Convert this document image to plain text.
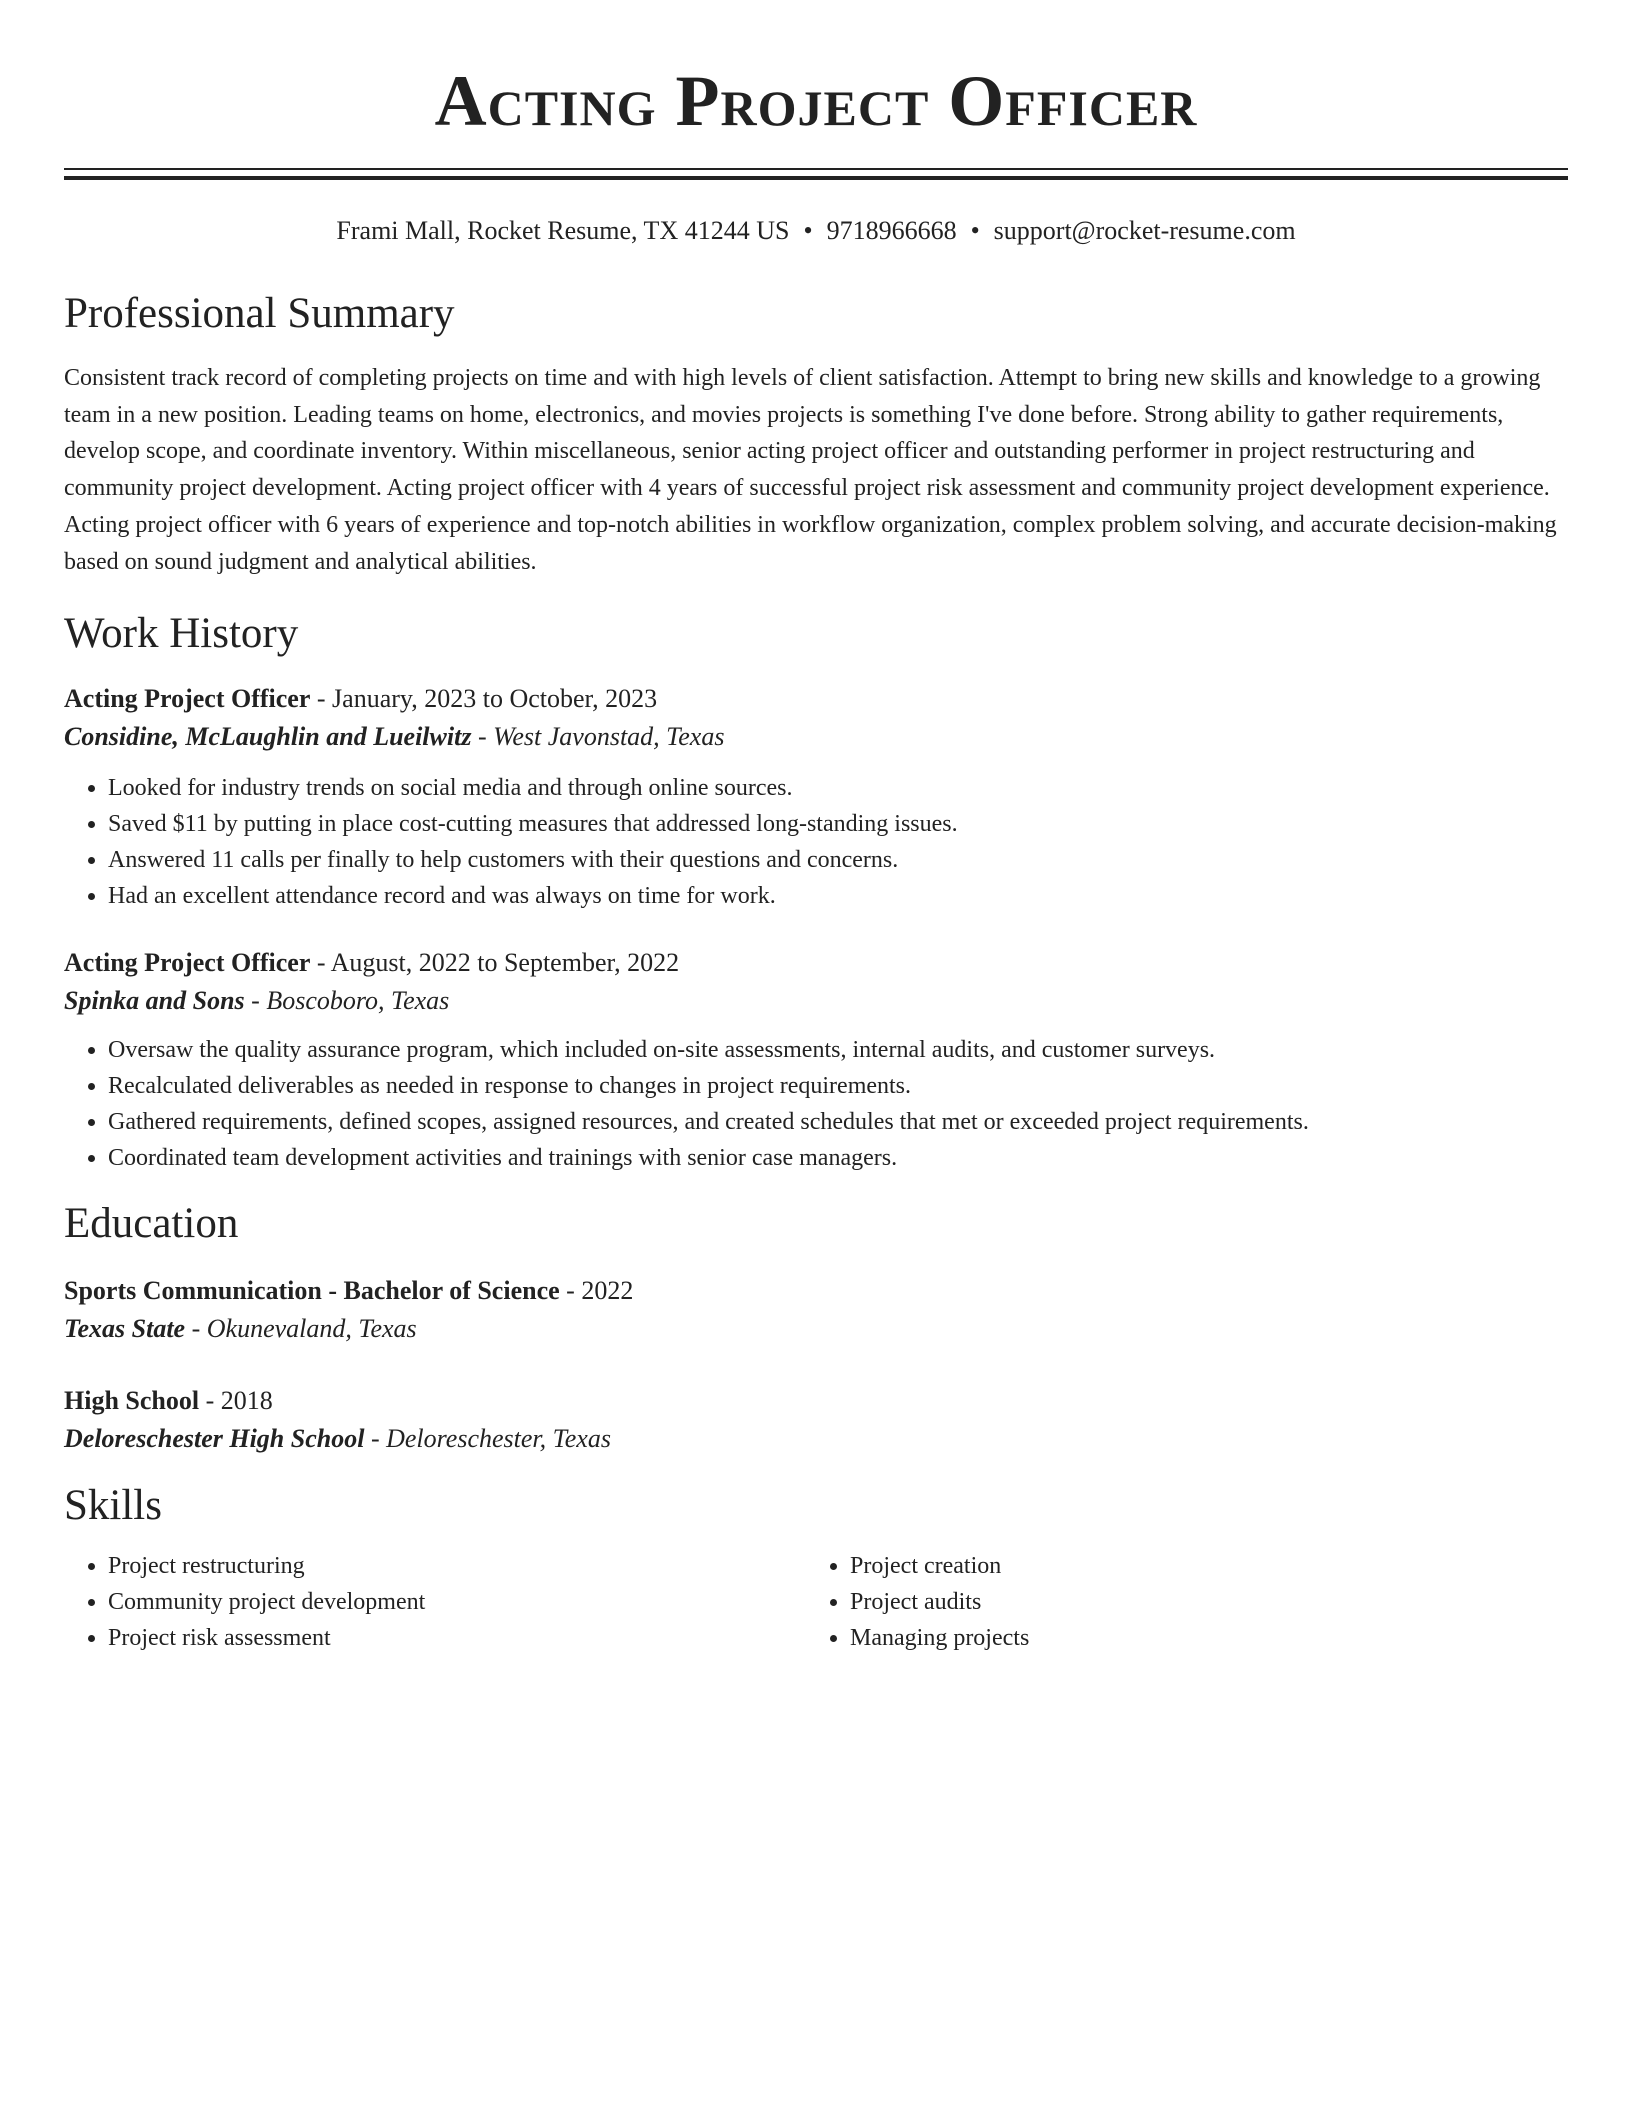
Acting Project Officer
Frami Mall, Rocket Resume, TX 41244 US • 9718966668 • support@rocket-resume.com
Professional Summary
Consistent track record of completing projects on time and with high levels of client satisfaction. Attempt to bring new skills and knowledge to a growing team in a new position. Leading teams on home, electronics, and movies projects is something I've done before. Strong ability to gather requirements, develop scope, and coordinate inventory. Within miscellaneous, senior acting project officer and outstanding performer in project restructuring and community project development. Acting project officer with 4 years of successful project risk assessment and community project development experience. Acting project officer with 6 years of experience and top-notch abilities in workflow organization, complex problem solving, and accurate decision-making based on sound judgment and analytical abilities.
Work History
Acting Project Officer - January, 2023 to October, 2023
Considine, McLaughlin and Lueilwitz - West Javonstad, Texas
• Looked for industry trends on social media and through online sources.
• Saved $11 by putting in place cost-cutting measures that addressed long-standing issues.
• Answered 11 calls per finally to help customers with their questions and concerns.
• Had an excellent attendance record and was always on time for work.
Acting Project Officer - August, 2022 to September, 2022
Spinka and Sons - Boscoboro, Texas
• Oversaw the quality assurance program, which included on-site assessments, internal audits, and customer surveys.
• Recalculated deliverables as needed in response to changes in project requirements.
• Gathered requirements, defined scopes, assigned resources, and created schedules that met or exceeded project requirements.
• Coordinated team development activities and trainings with senior case managers.
Education
Sports Communication - Bachelor of Science - 2022
Texas State - Okunevaland, Texas
High School - 2018
Deloreschester High School - Deloreschester, Texas
Skills
• Project restructuring
• Community project development
• Project risk assessment
• Project creation
• Project audits
• Managing projects
